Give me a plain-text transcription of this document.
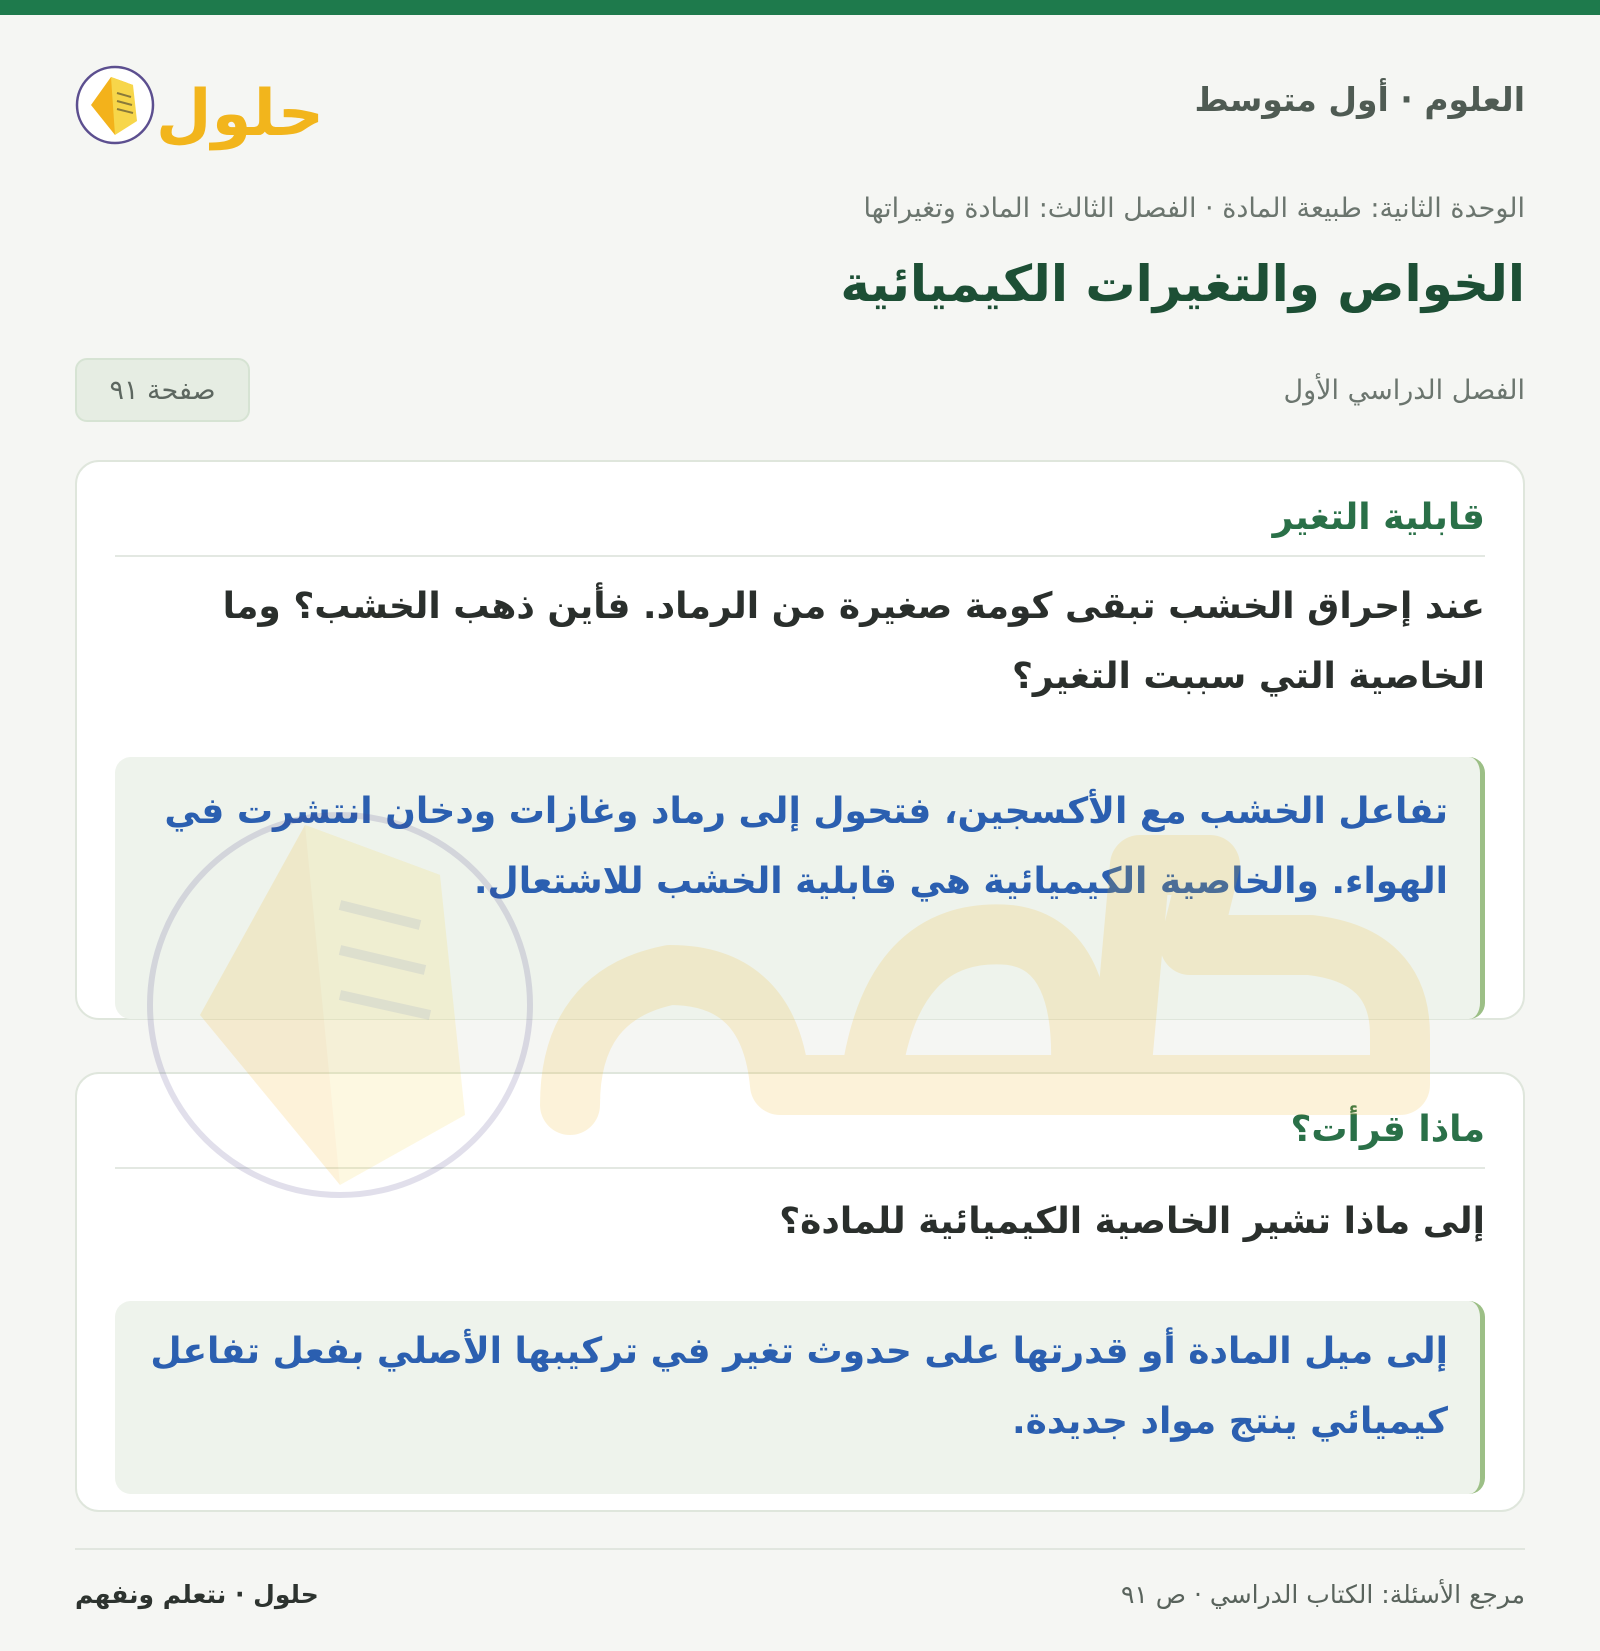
العلوم · أول متوسط
حلول
الوحدة الثانية: طبيعة المادة · الفصل الثالث: المادة وتغيراتها
الخواص والتغيرات الكيميائية
الفصل الدراسي الأول
صفحة ٩١
قابلية التغير

عند إحراق الخشب تبقى كومة صغيرة من الرماد. فأين ذهب الخشب؟ وما الخاصية التي سببت التغير؟

تفاعل الخشب مع الأكسجين، فتحول إلى رماد وغازات ودخان انتشرت في الهواء. والخاصية الكيميائية هي قابلية الخشب للاشتعال.

ماذا قرأت؟

إلى ماذا تشير الخاصية الكيميائية للمادة؟

إلى ميل المادة أو قدرتها على حدوث تغير في تركيبها الأصلي بفعل تفاعل كيميائي ينتج مواد جديدة.

مرجع الأسئلة: الكتاب الدراسي · ص ٩١
حلول · نتعلم ونفهم
